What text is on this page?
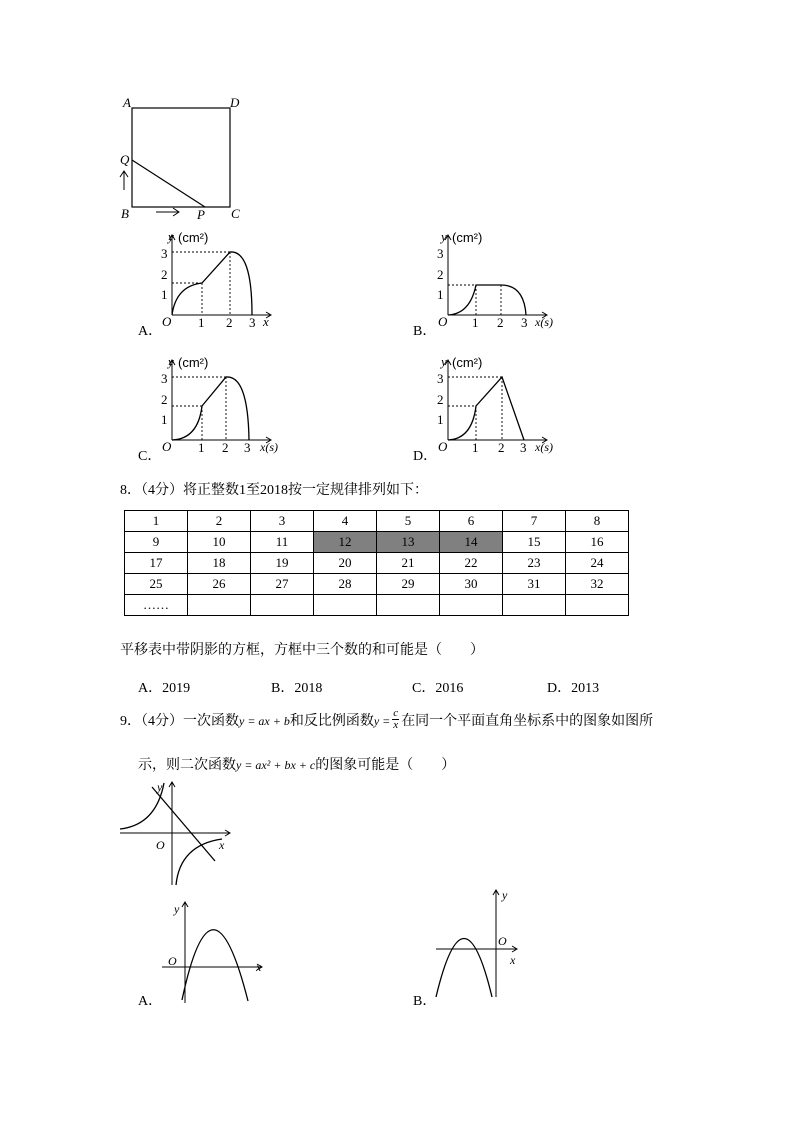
A	D
Q
B	P C
3
2
1
O 1 2 3
y (cm²)
x
A．
3
2
1
O 1 2 3
y (cm²)
x(s)
B．
3
2
1
O 1 2 3
y (cm²)
x(s)
C．
3
2
1
O 1 2 3
y (cm²)
x(s)
D．
8．（4分）将正整数1至2018按一定规律排列如下：
1	2	3	4	5	6	7	8
9	10	11	12	13	14	15	16
17	18	19	20	21	22	23	24
25	26	27	28	29	30	31	32
……							
平移表中带阴影的方框，方框中三个数的和可能是（　　）
A．2019	B．2018	C．2016	D．2013
9．（4分）一次函数y = ax + b和反比例函数$y = \frac{c}{x}$ 在同一个平面直角坐标系中的图象如图所
示，则二次函数y = ax² + bx + c的图象可能是（　　）
y
O	x
y
O	x
A．
y
O
x
B．
